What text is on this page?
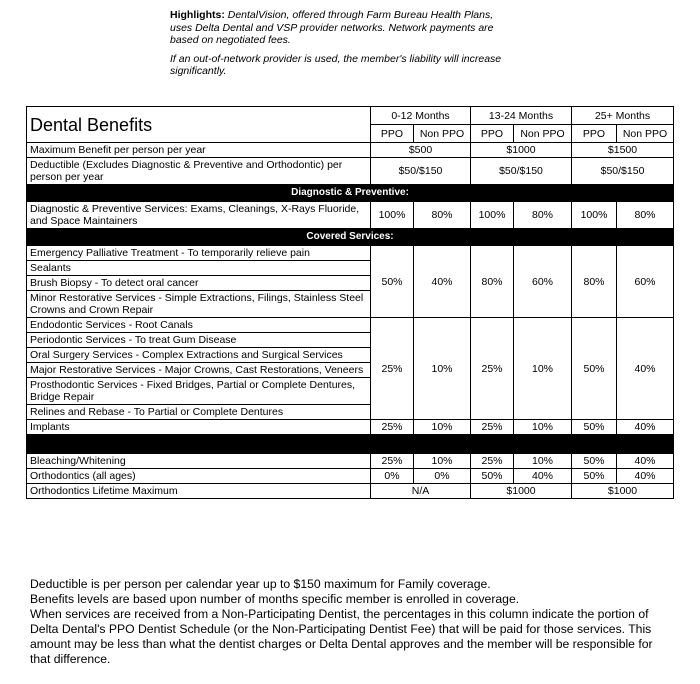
Highlights: DentalVision, offered through Farm Bureau Health Plans, uses Delta Dental and VSP provider networks. Network payments are based on negotiated fees.

If an out-of-network provider is used, the member's liability will increase significantly.

Dental Benefits	0-12 Months		13-24 Months		25+ Months	
	PPO	Non PPO	PPO	Non PPO	PPO	Non PPO
Maximum Benefit per person per year	$500		$1000		$1500	
Deductible (Excludes Diagnostic & Preventive and Orthodontic) per person per year	$50/$150		$50/$150		$50/$150	
Diagnostic & Preventive:						
Diagnostic & Preventive Services: Exams, Cleanings, X-Rays Fluoride, and Space Maintainers	100%	80%	100%	80%	100%	80%
Covered Services:						
Emergency Palliative Treatment - To temporarily relieve pain	50%	40%	80%	60%	80%	60%
Sealants						
Brush Biopsy - To detect oral cancer						
Minor Restorative Services - Simple Extractions, Filings, Stainless Steel Crowns and Crown Repair						
Endodontic Services - Root Canals	25%	10%	25%	10%	50%	40%
Periodontic Services - To treat Gum Disease						
Oral Surgery Services - Complex Extractions and Surgical Services						
Major Restorative Services - Major Crowns, Cast Restorations, Veneers						
Prosthodontic Services - Fixed Bridges, Partial or Complete Dentures, Bridge Repair						
Relines and Rebase - To Partial or Complete Dentures						
Implants	25%	10%	25%	10%	50%	40%

Bleaching/Whitening	25%	10%	25%	10%	50%	40%
Orthodontics (all ages)	0%	0%	50%	40%	50%	40%
Orthodontics Lifetime Maximum	N/A		$1000		$1000	

Deductible is per person per calendar year up to $150 maximum for Family coverage.

Benefits levels are based upon number of months specific member is enrolled in coverage.

When services are received from a Non-Participating Dentist, the percentages in this column indicate the portion of Delta Dental's PPO Dentist Schedule (or the Non-Participating Dentist Fee) that will be paid for those services. This amount may be less than what the dentist charges or Delta Dental approves and the member will be responsible for that difference.
